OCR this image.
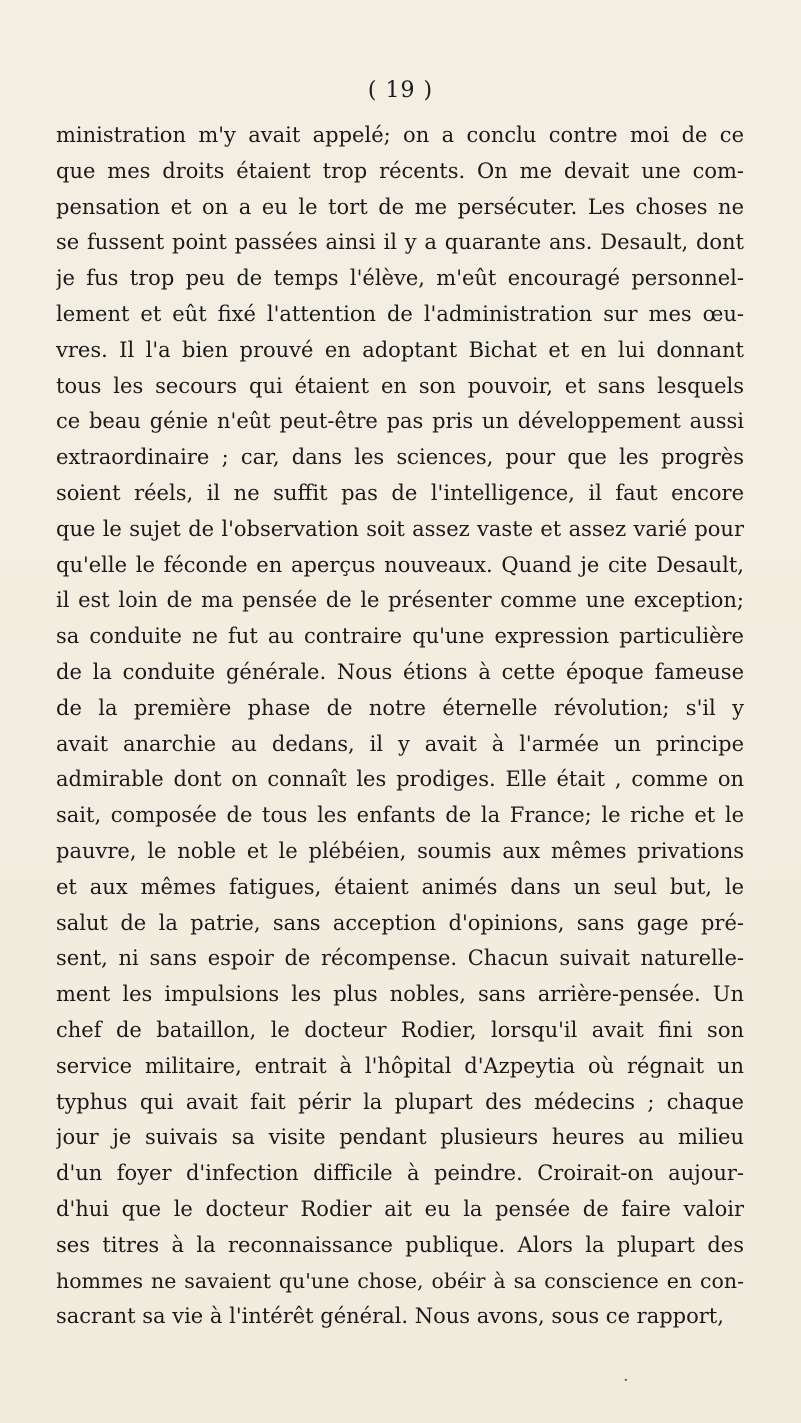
( 19 )
ministration m'y avait appelé; on a conclu contre moi de ce
que mes droits étaient trop récents. On me devait une com-
pensation et on a eu le tort de me persécuter. Les choses ne
se fussent point passées ainsi il y a quarante ans. Desault, dont
je fus trop peu de temps l'élève, m'eût encouragé personnel-
lement et eût fixé l'attention de l'administration sur mes œu-
vres. Il l'a bien prouvé en adoptant Bichat et en lui donnant
tous les secours qui étaient en son pouvoir, et sans lesquels
ce beau génie n'eût peut-être pas pris un développement aussi
extraordinaire ; car, dans les sciences, pour que les progrès
soient réels, il ne suffit pas de l'intelligence, il faut encore
que le sujet de l'observation soit assez vaste et assez varié pour
qu'elle le féconde en aperçus nouveaux. Quand je cite Desault,
il est loin de ma pensée de le présenter comme une exception;
sa conduite ne fut au contraire qu'une expression particulière
de la conduite générale. Nous étions à cette époque fameuse
de la première phase de notre éternelle révolution; s'il y
avait anarchie au dedans, il y avait à l'armée un principe
admirable dont on connaît les prodiges. Elle était , comme on
sait, composée de tous les enfants de la France; le riche et le
pauvre, le noble et le plébéien, soumis aux mêmes privations
et aux mêmes fatigues, étaient animés dans un seul but, le
salut de la patrie, sans acception d'opinions, sans gage pré-
sent, ni sans espoir de récompense. Chacun suivait naturelle-
ment les impulsions les plus nobles, sans arrière-pensée. Un
chef de bataillon, le docteur Rodier, lorsqu'il avait fini son
service militaire, entrait à l'hôpital d'Azpeytia où régnait un
typhus qui avait fait périr la plupart des médecins ; chaque
jour je suivais sa visite pendant plusieurs heures au milieu
d'un foyer d'infection difficile à peindre. Croirait-on aujour-
d'hui que le docteur Rodier ait eu la pensée de faire valoir
ses titres à la reconnaissance publique. Alors la plupart des
hommes ne savaient qu'une chose, obéir à sa conscience en con-
sacrant sa vie à l'intérêt général. Nous avons, sous ce rapport,
·
